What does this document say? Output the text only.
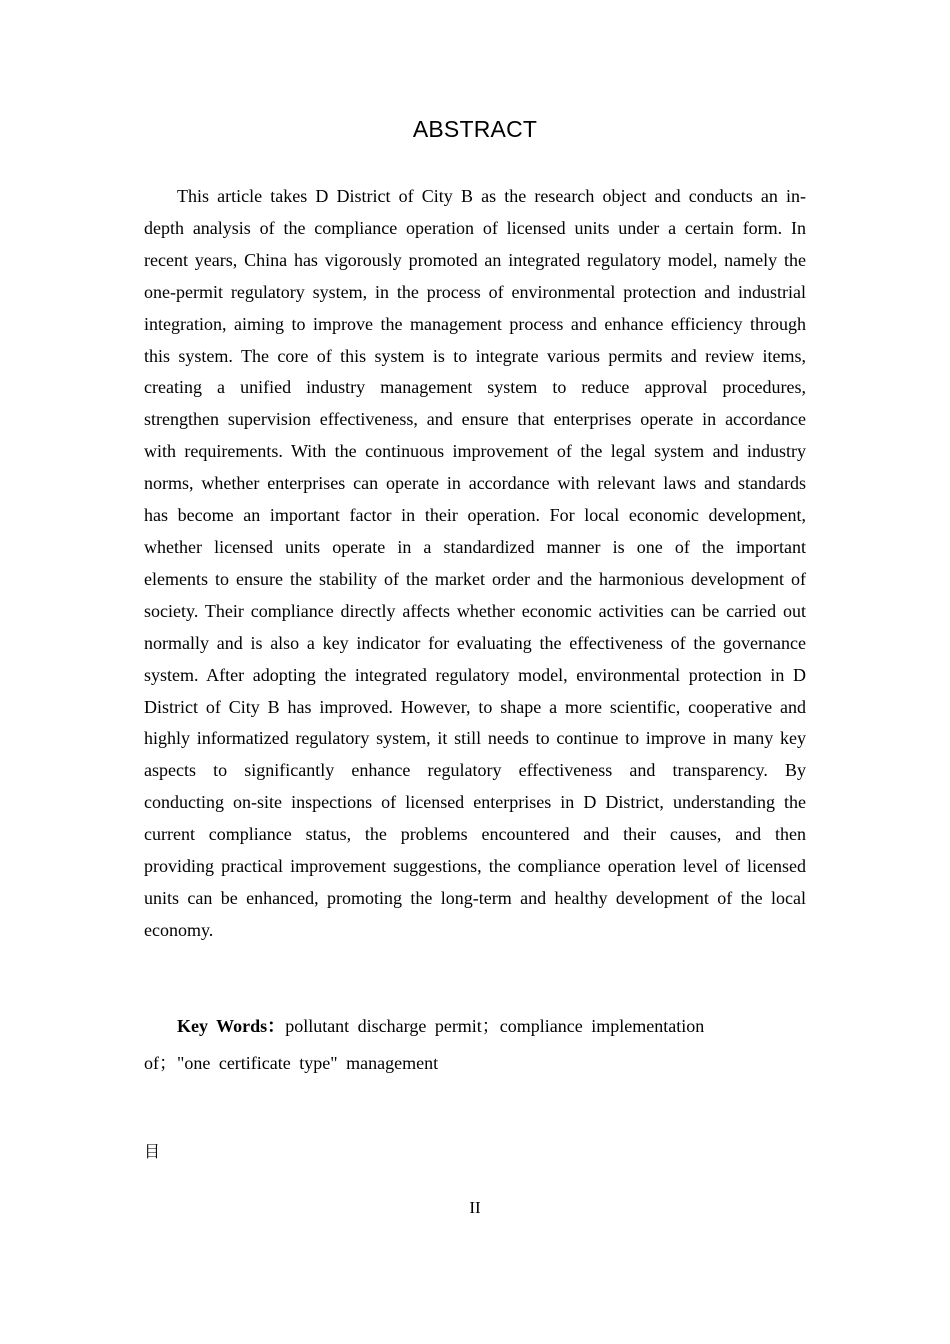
ABSTRACT

This article takes D District of City B as the research object and conducts an in-depth analysis of the compliance operation of licensed units under a certain form. In recent years, China has vigorously promoted an integrated regulatory model, namely the one-permit regulatory system, in the process of environmental protection and industrial integration, aiming to improve the management process and enhance efficiency through this system. The core of this system is to integrate various permits and review items, creating a unified industry management system to reduce approval procedures, strengthen supervision effectiveness, and ensure that enterprises operate in accordance with requirements. With the continuous improvement of the legal system and industry norms, whether enterprises can operate in accordance with relevant laws and standards has become an important factor in their operation. For local economic development, whether licensed units operate in a standardized manner is one of the important elements to ensure the stability of the market order and the harmonious development of society. Their compliance directly affects whether economic activities can be carried out normally and is also a key indicator for evaluating the effectiveness of the governance system. After adopting the integrated regulatory model, environmental protection in D District of City B has improved. However, to shape a more scientific, cooperative and highly informatized regulatory system, it still needs to continue to improve in many key aspects to significantly enhance regulatory effectiveness and transparency. By conducting on-site inspections of licensed enterprises in D District, understanding the current compliance status, the problems encountered and their causes, and then providing practical improvement suggestions, the compliance operation level of licensed units can be enhanced, promoting the long-term and healthy development of the local economy.

Key Words：pollutant discharge permit；compliance implementation of；"one certificate type" management

目
II
